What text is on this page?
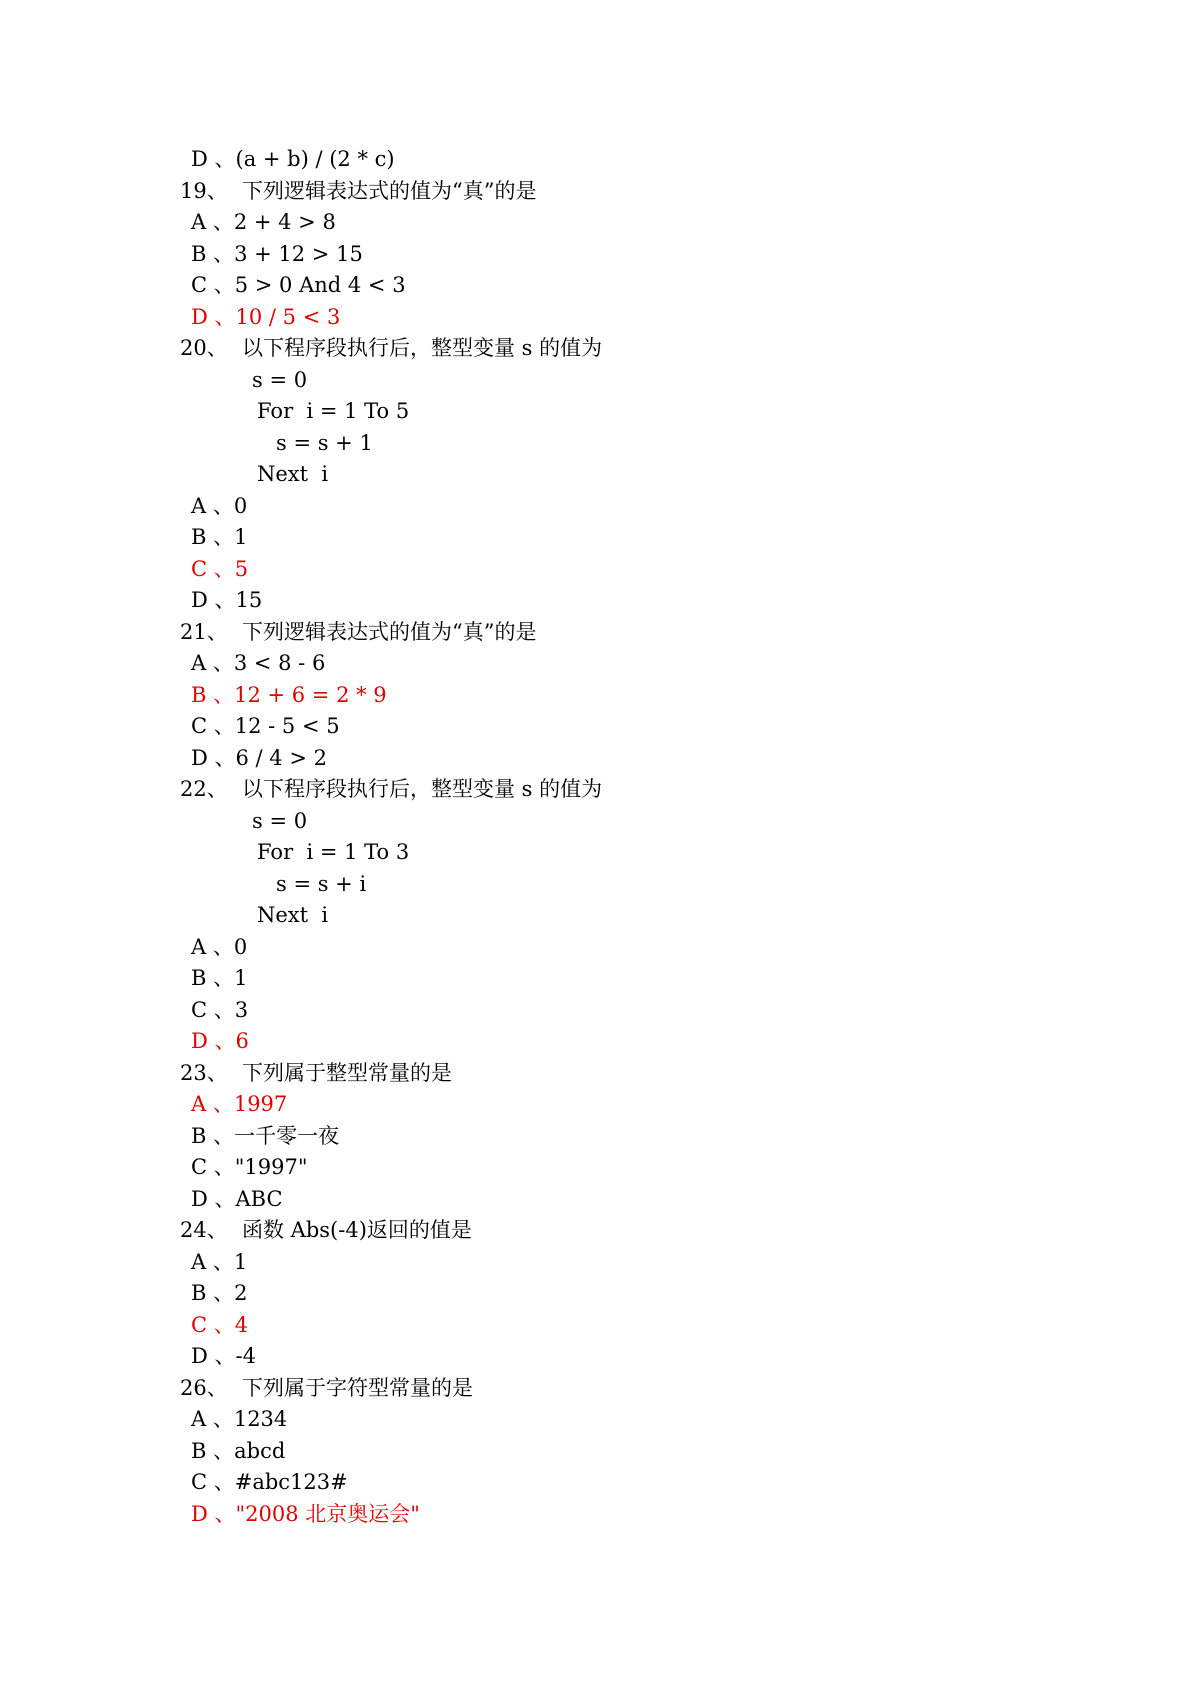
D 、(a + b) / (2 * c)
19、 下列逻辑表达式的值为“真”的是
A 、2 + 4 > 8
B 、3 + 12 > 15
C 、5 > 0 And 4 < 3
D 、10 / 5 < 3
20、 以下程序段执行后，整型变量 s 的值为
s = 0
For  i = 1 To 5
s = s + 1
Next  i
A 、0
B 、1
C 、5
D 、15
21、 下列逻辑表达式的值为“真”的是
A 、3 < 8 - 6
B 、12 + 6 = 2 * 9
C 、12 - 5 < 5
D 、6 / 4 > 2
22、 以下程序段执行后，整型变量 s 的值为
s = 0
For  i = 1 To 3
s = s + i
Next  i
A 、0
B 、1
C 、3
D 、6
23、 下列属于整型常量的是
A 、1997
B 、一千零一夜
C 、"1997"
D 、ABC
24、 函数 Abs(-4)返回的值是
A 、1
B 、2
C 、4
D 、-4
26、 下列属于字符型常量的是
A 、1234
B 、abcd
C 、#abc123#
D 、"2008 北京奥运会"
